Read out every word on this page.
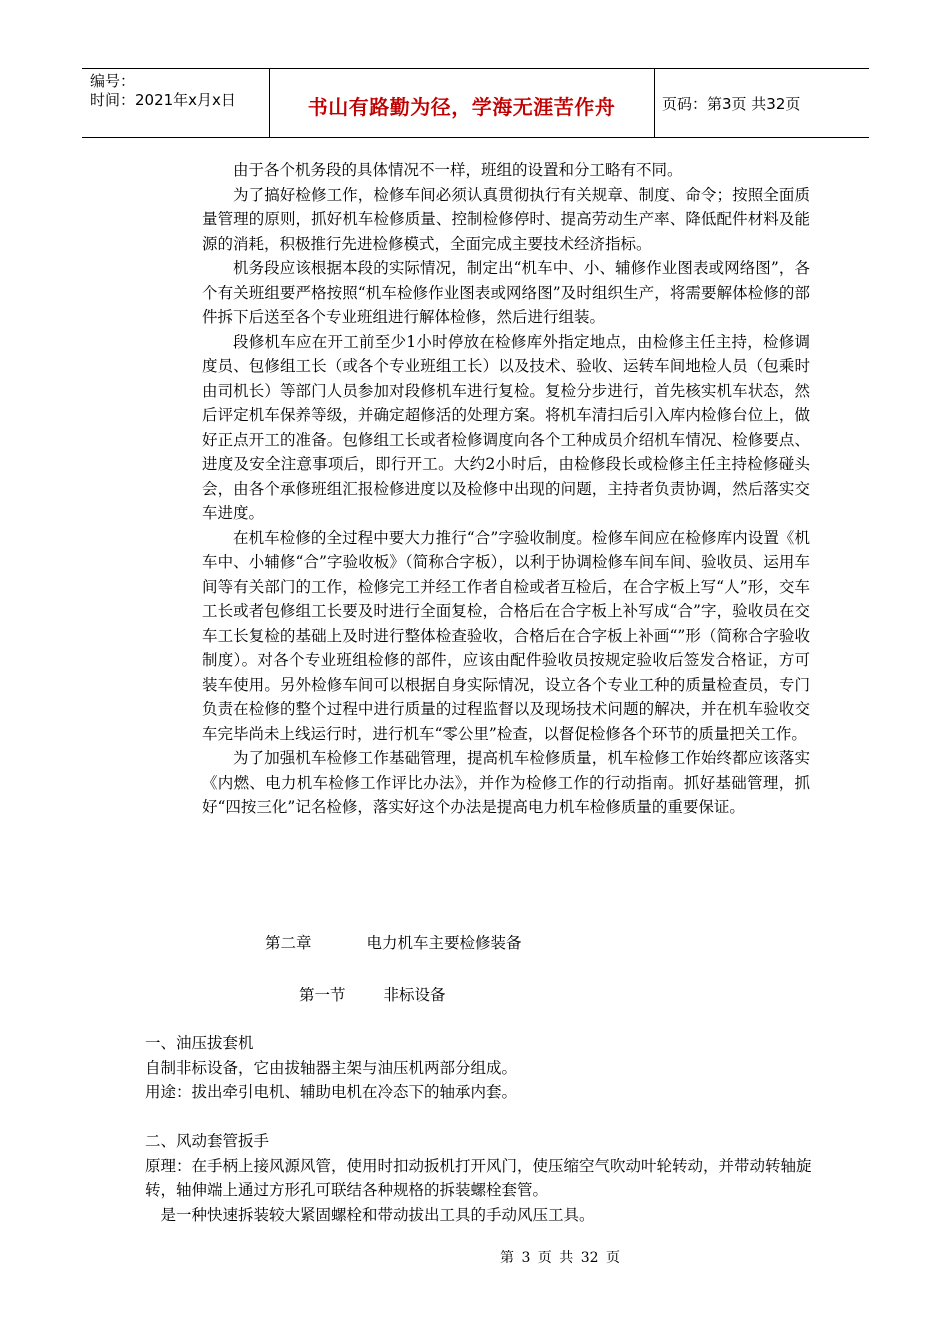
编号：
时间：2021年x月x日	书山有路勤为径，学海无涯苦作舟	页码：第3页 共32页

由于各个机务段的具体情况不一样，班组的设置和分工略有不同。

为了搞好检修工作，检修车间必须认真贯彻执行有关规章、制度、命令；按照全面质量管理的原则，抓好机车检修质量、控制检修停时、提高劳动生产率、降低配件材料及能源的消耗，积极推行先进检修模式，全面完成主要技术经济指标。

机务段应该根据本段的实际情况，制定出“机车中、小、辅修作业图表或网络图”，各个有关班组要严格按照“机车检修作业图表或网络图”及时组织生产，将需要解体检修的部件拆下后送至各个专业班组进行解体检修，然后进行组装。

段修机车应在开工前至少1小时停放在检修库外指定地点，由检修主任主持，检修调度员、包修组工长（或各个专业班组工长）以及技术、验收、运转车间地检人员（包乘时由司机长）等部门人员参加对段修机车进行复检。复检分步进行，首先核实机车状态，然后评定机车保养等级，并确定超修活的处理方案。将机车清扫后引入库内检修台位上，做好正点开工的准备。包修组工长或者检修调度向各个工种成员介绍机车情况、检修要点、进度及安全注意事项后，即行开工。大约2小时后，由检修段长或检修主任主持检修碰头会，由各个承修班组汇报检修进度以及检修中出现的问题，主持者负责协调，然后落实交车进度。

在机车检修的全过程中要大力推行“合”字验收制度。检修车间应在检修库内设置《机车中、小辅修“合”字验收板》（简称合字板），以利于协调检修车间车间、验收员、运用车间等有关部门的工作，检修完工并经工作者自检或者互检后，在合字板上写“人”形，交车工长或者包修组工长要及时进行全面复检，合格后在合字板上补写成“合”字，验收员在交车工长复检的基础上及时进行整体检查验收，合格后在合字板上补画“”形（简称合字验收制度）。对各个专业班组检修的部件，应该由配件验收员按规定验收后签发合格证，方可装车使用。另外检修车间可以根据自身实际情况，设立各个专业工种的质量检查员，专门负责在检修的整个过程中进行质量的过程监督以及现场技术问题的解决，并在机车验收交车完毕尚未上线运行时，进行机车“零公里”检查，以督促检修各个环节的质量把关工作。

为了加强机车检修工作基础管理，提高机车检修质量，机车检修工作始终都应该落实《内燃、电力机车检修工作评比办法》，并作为检修工作的行动指南。抓好基础管理，抓好“四按三化”记名检修，落实好这个办法是提高电力机车检修质量的重要保证。

第二章	电力机车主要检修装备
第一节 非标设备

一、油压拔套机

自制非标设备，它由拔轴器主架与油压机两部分组成。

用途：拔出牵引电机、辅助电机在冷态下的轴承内套。

二、风动套管扳手

原理：在手柄上接风源风管，使用时扣动扳机打开风门，使压缩空气吹动叶轮转动，并带动转轴旋转，轴伸端上通过方形孔可联结各种规格的拆装螺栓套管。

是一种快速拆装较大紧固螺栓和带动拔出工具的手动风压工具。

第 3 页 共 32 页
